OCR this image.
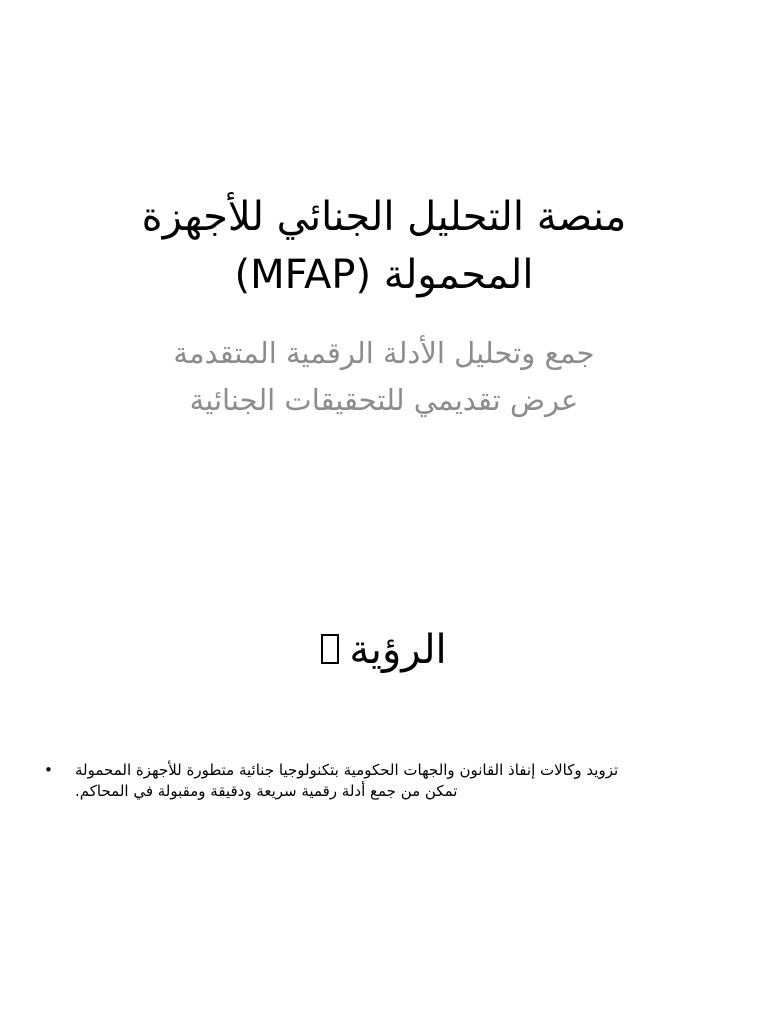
منصة التحليل الجنائي للأجهزة
المحمولة (MFAP)
جمع وتحليل الأدلة الرقمية المتقدمة
عرض تقديمي للتحقيقات الجنائية
الرؤية
• تزويد وكالات إنفاذ القانون والجهات الحكومية بتكنولوجيا جنائية متطورة للأجهزة المحمولة
تمكن من جمع أدلة رقمية سريعة ودقيقة ومقبولة في المحاكم.
